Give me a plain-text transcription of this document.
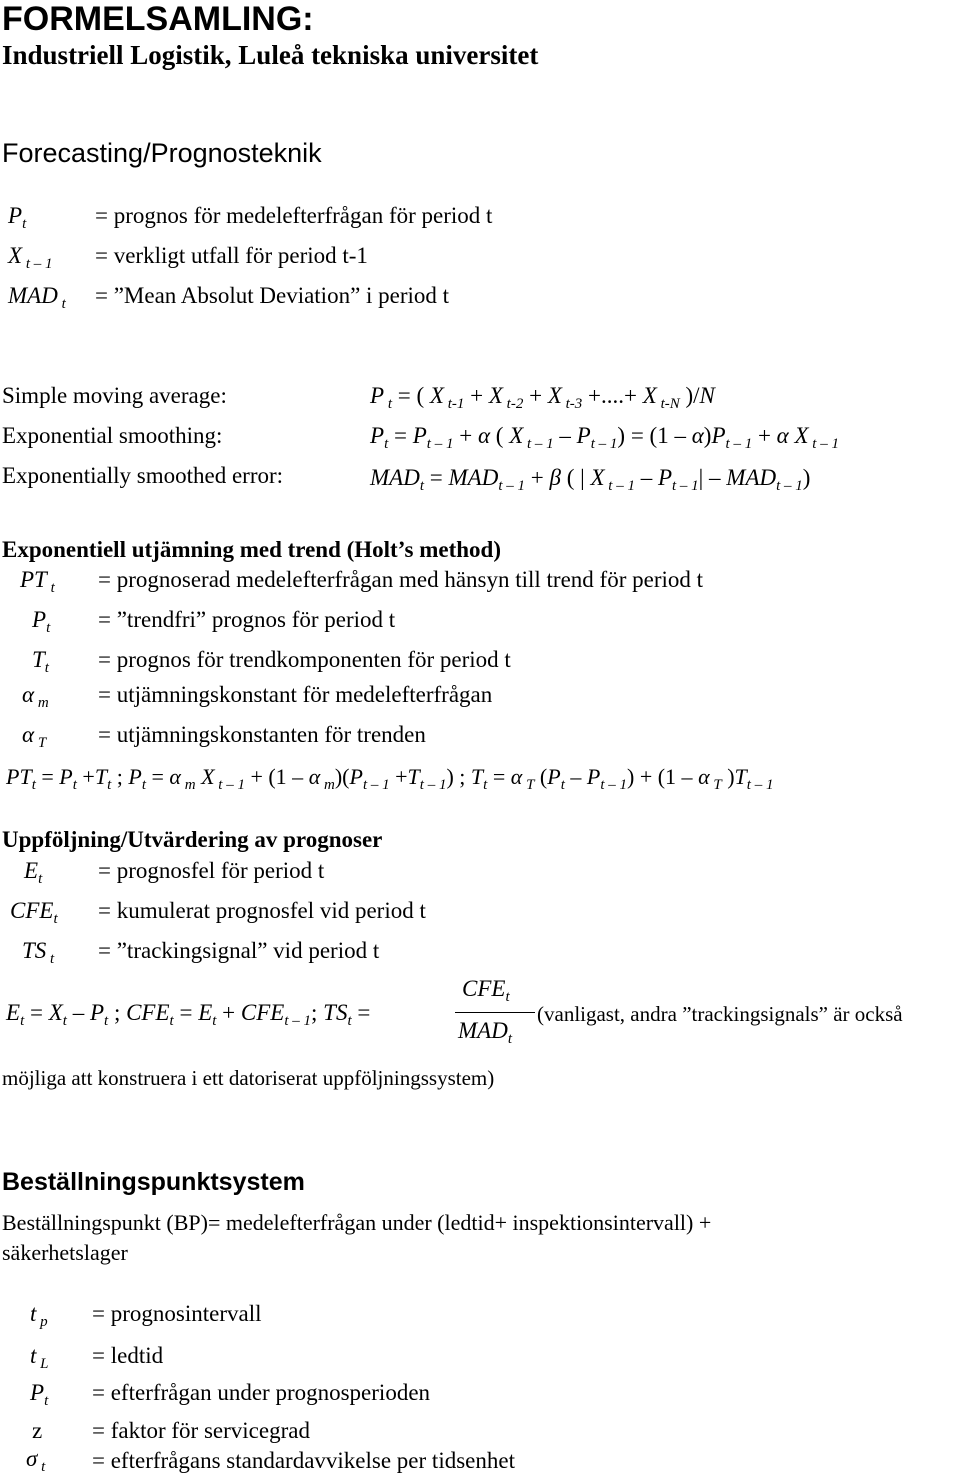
FORMELSAMLING:
Industriell Logistik, Luleå tekniska universitet
Forecasting/Prognosteknik
$P_t$	= prognos för medelefterfrågan för period t
X $_{t - 1}$ = verkligt utfall för period t-1
MAD $_t$ = ”Mean Absolut Deviation” i period t
Simple moving average:	P $_t$ = ( X $_{t-1}$ + X $_{t-2}$ + X $_{t-3}$ +....+ X $_{t-N}$ )/N
Exponential smoothing:	$P_t = P_{t - 1} + \alpha$ ( X $_{t - 1} - P_{t - 1}) = (1 - \alpha)P_{t - 1} + \alpha$ X $_{t - 1}$
Exponentially smoothed error:	$MAD_t = MAD_{t - 1} + \beta$ ( | X $_{t - 1} - P_{t - 1}| - MAD_{t - 1}$)
Exponentiell utjämning med trend (Holt’s method)
PT $_t$ = prognoserad medelefterfrågan med hänsyn till trend för period t
$P_t$ = ”trendfri” prognos för period t
$T_t$ = prognos för trendkomponenten för period t
α $_m$ = utjämningskonstant för medelefterfrågan
α $_T$ = utjämningskonstanten för trenden
$PT_t = P_t +T_t$ ; $P_t = \alpha$ $_m$ X $_{t - 1}$ + (1 – α $_m)(P_{t - 1} +T_{t - 1})$ ; $T_t = \alpha$ $_T$ $(P_t - P_{t - 1}) + (1 - \alpha$ $_T$ )$T_{t - 1}$
Uppföljning/Utvärdering av prognoser
$E_t$ = prognosfel för period t
$CFE_t$ = kumulerat prognosfel vid period t
TS $_t$ = ”trackingsignal” vid period t
$E_t = X_t - P_t$ ; $CFE_t = E_t + CFE_{t - 1}$; $TS_t$ =
$CFE_t$
$MAD_t$
(vanligast, andra ”trackingsignals” är också
möjliga att konstruera i ett datoriserat uppföljningssystem)
Beställningspunktsystem
Beställningspunkt (BP)= medelefterfrågan under (ledtid+ inspektionsintervall) +
säkerhetslager
t $_p$ = prognosintervall
t $_L$ = ledtid
$P_t$ = efterfrågan under prognosperioden
z = faktor för servicegrad
σ $_t$ = efterfrågans standardavvikelse per tidsenhet
